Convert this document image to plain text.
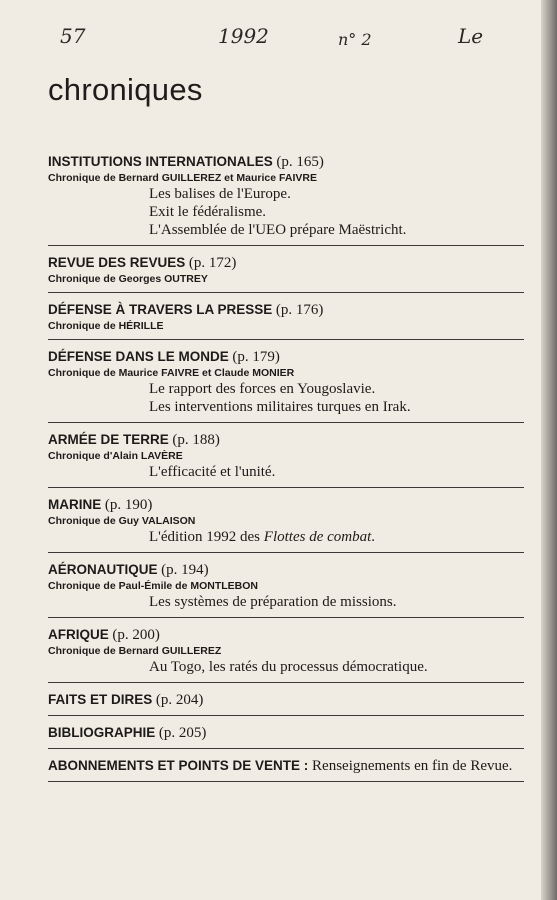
57	1992	n° 2	Le
chroniques
INSTITUTIONS INTERNATIONALES (p. 165)
Chronique de Bernard GUILLEREZ et Maurice FAIVRE
Les balises de l'Europe.
Exit le fédéralisme.
L'Assemblée de l'UEO prépare Maëstricht.
REVUE DES REVUES (p. 172)
Chronique de Georges OUTREY
DÉFENSE À TRAVERS LA PRESSE (p. 176)
Chronique de HÉRILLE
DÉFENSE DANS LE MONDE (p. 179)
Chronique de Maurice FAIVRE et Claude MONIER
Le rapport des forces en Yougoslavie.
Les interventions militaires turques en Irak.
ARMÉE DE TERRE (p. 188)
Chronique d'Alain LAVÈRE
L'efficacité et l'unité.
MARINE (p. 190)
Chronique de Guy VALAISON
L'édition 1992 des Flottes de combat.
AÉRONAUTIQUE (p. 194)
Chronique de Paul-Émile de MONTLEBON
Les systèmes de préparation de missions.
AFRIQUE (p. 200)
Chronique de Bernard GUILLEREZ
Au Togo, les ratés du processus démocratique.
FAITS ET DIRES (p. 204)
BIBLIOGRAPHIE (p. 205)
ABONNEMENTS ET POINTS DE VENTE : Renseignements en fin de Revue.
